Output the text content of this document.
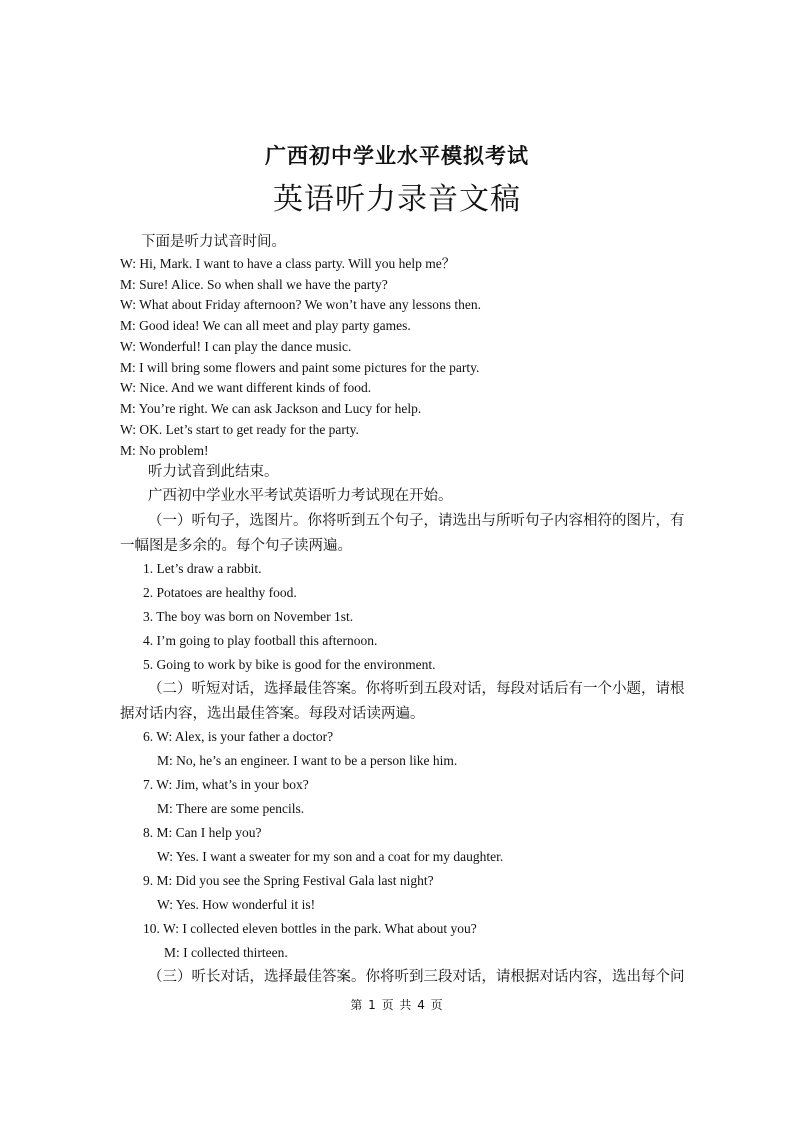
广西初中学业水平模拟考试
英语听力录音文稿
下面是听力试音时间。
W: Hi, Mark. I want to have a class party. Will you help me？
M: Sure! Alice. So when shall we have the party?
W: What about Friday afternoon? We won’t have any lessons then.
M: Good idea! We can all meet and play party games.
W: Wonderful! I can play the dance music.
M: I will bring some flowers and paint some pictures for the party.
W: Nice. And we want different kinds of food.
M: You’re right. We can ask Jackson and Lucy for help.
W: OK. Let’s start to get ready for the party.
M: No problem!
听力试音到此结束。
广西初中学业水平考试英语听力考试现在开始。
（一）听句子，选图片。你将听到五个句子，请选出与所听句子内容相符的图片，有
一幅图是多余的。每个句子读两遍。
1. Let’s draw a rabbit.
2. Potatoes are healthy food.
3. The boy was born on November 1st.
4. I’m going to play football this afternoon.
5. Going to work by bike is good for the environment.
（二）听短对话，选择最佳答案。你将听到五段对话，每段对话后有一个小题，请根
据对话内容，选出最佳答案。每段对话读两遍。
6. W: Alex, is your father a doctor?
M: No, he’s an engineer. I want to be a person like him.
7. W: Jim, what’s in your box?
M: There are some pencils.
8. M: Can I help you?
W: Yes. I want a sweater for my son and a coat for my daughter.
9. M: Did you see the Spring Festival Gala last night?
W: Yes. How wonderful it is!
10. W: I collected eleven bottles in the park. What about you?
M: I collected thirteen.
（三）听长对话，选择最佳答案。你将听到三段对话，请根据对话内容，选出每个问
第 1 页 共 4 页
